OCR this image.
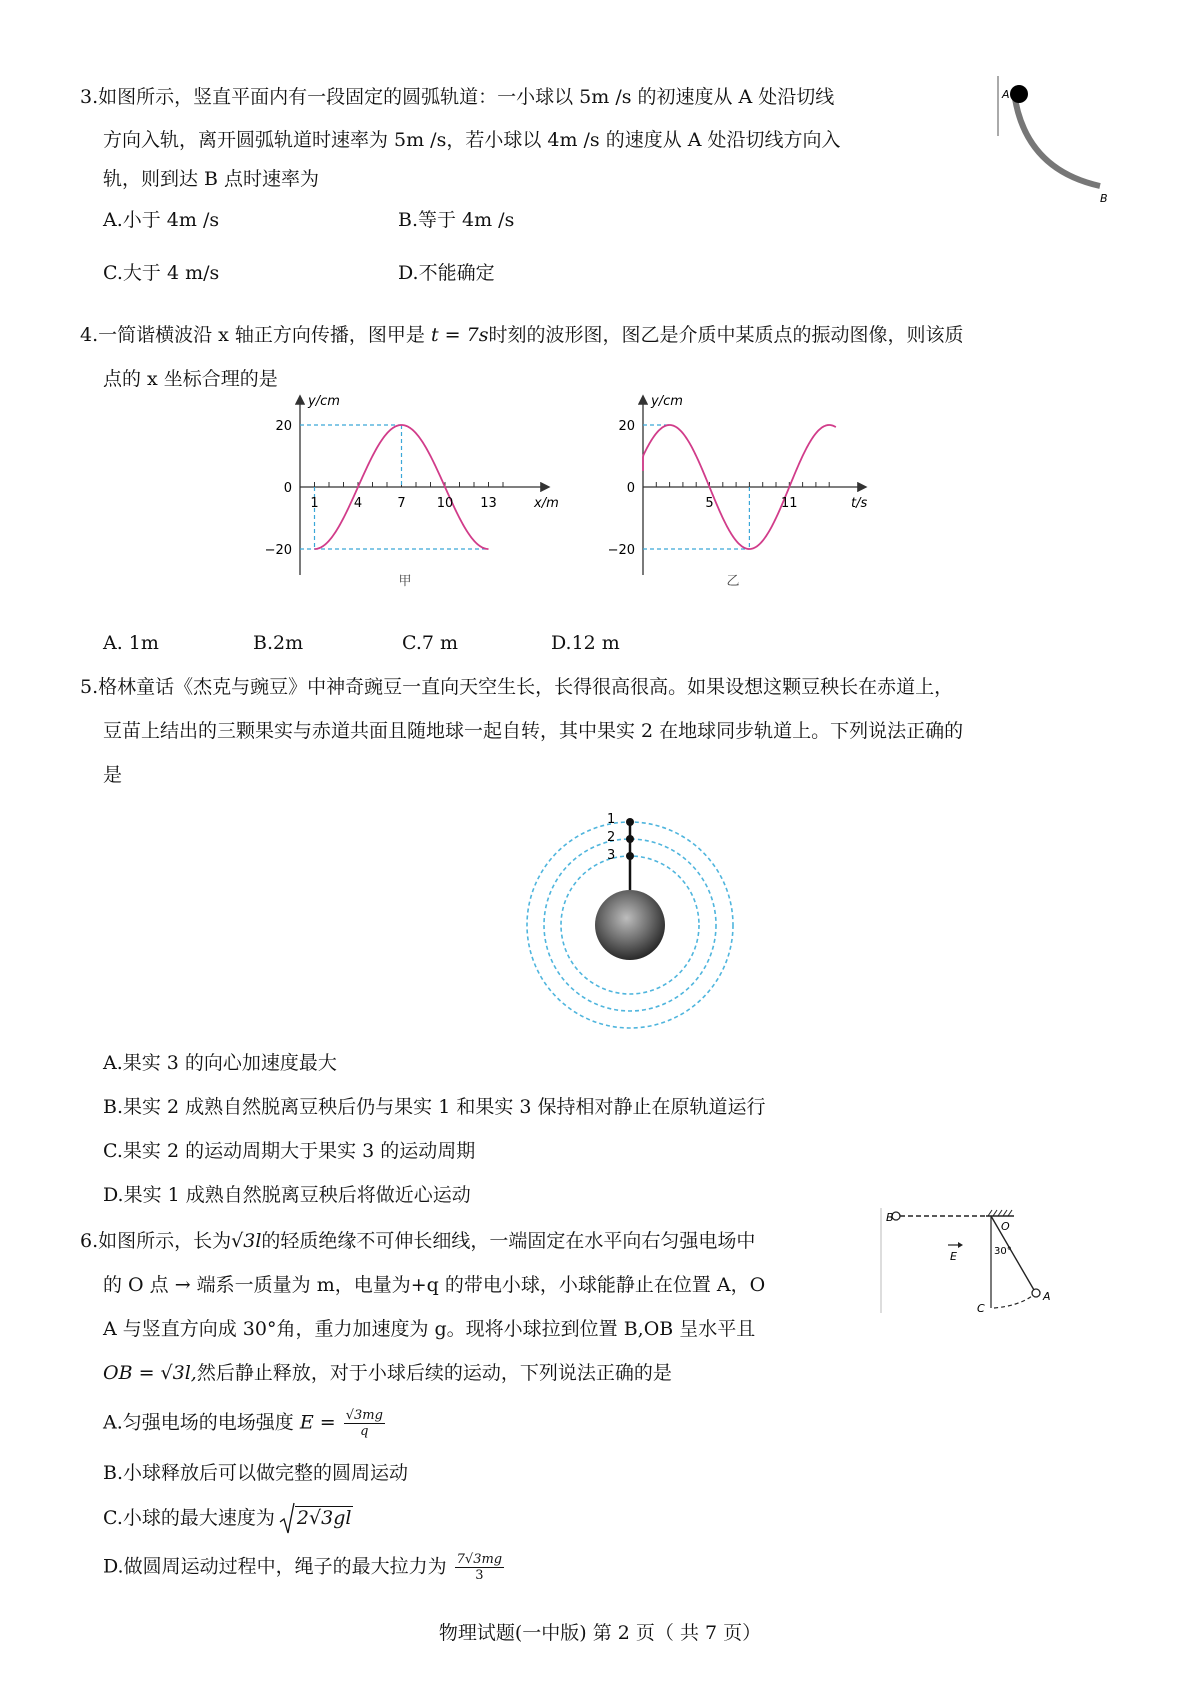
3.如图所示，竖直平面内有一段固定的圆弧轨道：一小球以 5m /s 的初速度从 A 处沿切线
方向入轨，离开圆弧轨道时速率为 5m /s，若小球以 4m /s 的速度从 A 处沿切线方向入
轨，则到达 B 点时速率为
A.小于 4m /s	B.等于 4m /s
C.大于 4 m/s	D.不能确定
A
B
4.一简谐横波沿 x 轴正方向传播，图甲是 t = 7s时刻的波形图，图乙是介质中某质点的振动图像，则该质
点的 x 坐标合理的是
1	4	7 10 13
20
0
−20
y/cm
x/m
甲
5	11
20
0
−20
y/cm
t/s
乙
A. 1m	B.2m	C.7 m	D.12 m
5.格林童话《杰克与豌豆》中神奇豌豆一直向天空生长，长得很高很高。如果设想这颗豆秧长在赤道上，
豆苗上结出的三颗果实与赤道共面且随地球一起自转，其中果实 2 在地球同步轨道上。下列说法正确的
是
1
2
3
A.果实 3 的向心加速度最大
B.果实 2 成熟自然脱离豆秧后仍与果实 1 和果实 3 保持相对静止在原轨道运行
C.果实 2 的运动周期大于果实 3 的运动周期
D.果实 1 成熟自然脱离豆秧后将做近心运动
6.如图所示，长为√3l的轻质绝缘不可伸长细线，一端固定在水平向右匀强电场中
的 O 点 → 端系一质量为 m，电量为+q 的带电小球，小球能静止在位置 A，O
A 与竖直方向成 30°角，重力加速度为 g。现将小球拉到位置 B,OB 呈水平且
OB = √3l,然后静止释放，对于小球后续的运动，下列说法正确的是
B
O
E	30°
C
A
A.匀强电场的电场强度 $E = \frac{√3mg}{q}$
B.小球释放后可以做完整的圆周运动
C.小球的最大速度为 2√3gl
D.做圆周运动过程中，绳子的最大拉力为 $\frac{7√3mg}{3}$
物理试题(一中版) 第 2 页（ 共 7 页）
